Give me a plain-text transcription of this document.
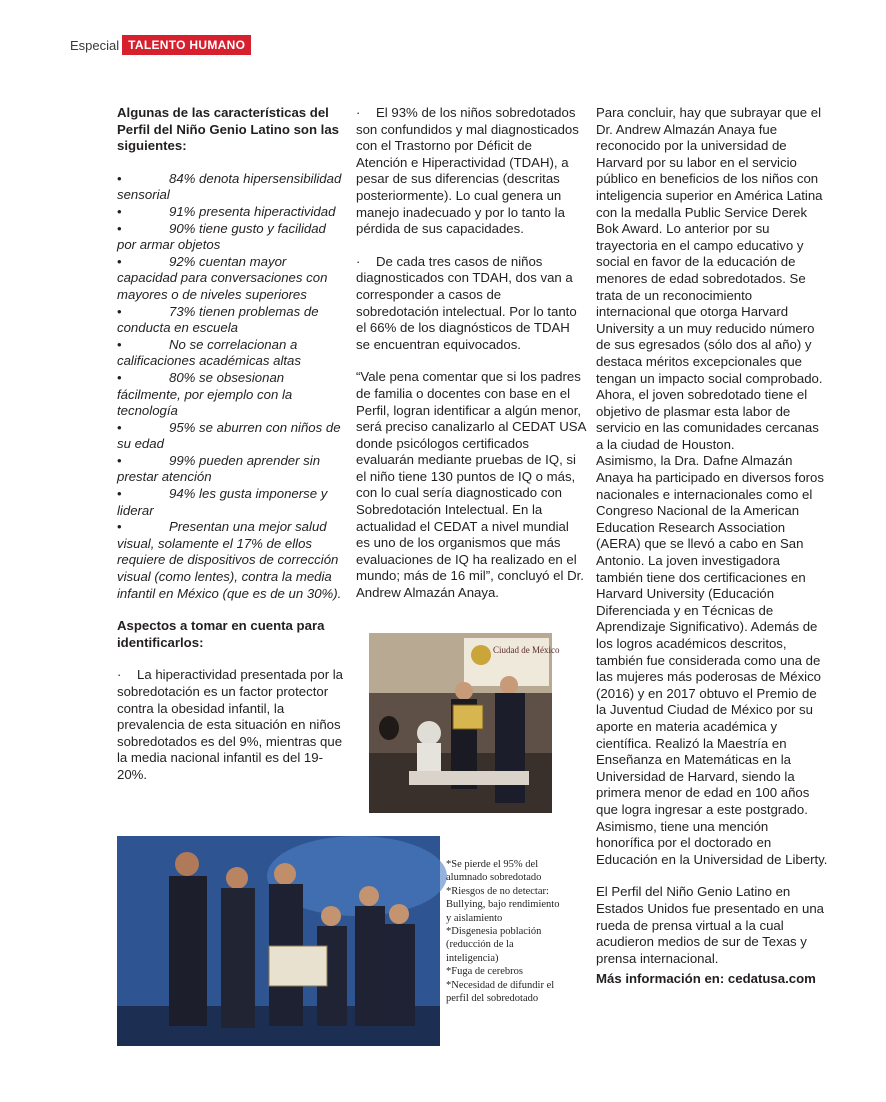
Especial TALENTO HUMANO

Algunas de las características del Perfil del Niño Genio Latino son las siguientes:

•	84% denota hipersensibilidad sensorial

•	91% presenta hiperactividad

•	90% tiene gusto y facilidad por armar objetos

•	92% cuentan mayor capacidad para conversaciones con mayores o de niveles superiores

•	73% tienen problemas de conducta en escuela

•	No se correlacionan a calificaciones académicas altas

•	80% se obsesionan fácilmente, por ejemplo con la tecnología

•	95% se aburren con niños de su edad

•	99% pueden aprender sin prestar atención

•	94% les gusta imponerse y liderar

•	Presentan una mejor salud visual, solamente el 17% de ellos requiere de dispositivos de corrección visual (como lentes), contra la media infantil en México (que es de un 30%).

Aspectos a tomar en cuenta para identificarlos:

· La hiperactividad presentada por la sobredotación es un factor protector contra la obesidad infantil, la prevalencia de esta situación en niños sobredotados es del 9%, mientras que la media nacional infantil es del 19-20%.

· El 93% de los niños sobredotados son confundidos y mal diagnosticados con el Trastorno por Déficit de Atención e Hiperactividad (TDAH), a pesar de sus diferencias (descritas posteriormente). Lo cual genera un manejo inadecuado y por lo tanto la pérdida de sus capacidades.

· De cada tres casos de niños diagnosticados con TDAH, dos van a corresponder a casos de sobredotación intelectual. Por lo tanto el 66% de los diagnósticos de TDAH se encuentran equivocados.

“Vale pena comentar que si los padres de familia o docentes con base en el Perfil, logran identificar a algún menor, será preciso canalizarlo al CEDAT USA donde psicólogos certificados evaluarán mediante pruebas de IQ, si el niño tiene 130 puntos de IQ o más, con lo cual sería diagnosticado con Sobredotación Intelectual. En la actualidad el CEDAT a nivel mundial es uno de los organismos que más evaluaciones de IQ ha realizado en el mundo; más de 16 mil”, concluyó el Dr. Andrew Almazán Anaya.

Ciudad de México

Para concluir, hay que subrayar que el Dr. Andrew Almazán Anaya fue reconocido por la universidad de Harvard por su labor en el servicio público en beneficios de los niños con inteligencia superior en América Latina con la medalla Public Service Derek Bok Award. Lo anterior por su trayectoria en el campo educativo y social en favor de la educación de menores de edad sobredotados. Se trata de un reconocimiento internacional que otorga Harvard University a un muy reducido número de sus egresados (sólo dos al año) y destaca méritos excepcionales que tengan un impacto social comprobado. Ahora, el joven sobredotado tiene el objetivo de plasmar esta labor de servicio en las comunidades cercanas a la ciudad de Houston.

Asimismo, la Dra. Dafne Almazán Anaya ha participado en diversos foros nacionales e internacionales como el Congreso Nacional de la American Education Research Association (AERA) que se llevó a cabo en San Antonio. La joven investigadora también tiene dos certificaciones en Harvard University (Educación Diferenciada y en Técnicas de Aprendizaje Significativo). Además de los logros académicos descritos, también fue considerada como una de las mujeres más poderosas de México (2016) y en 2017 obtuvo el Premio de la Juventud Ciudad de México por su aporte en materia académica y científica. Realizó la Maestría en Enseñanza en Matemáticas en la Universidad de Harvard, siendo la primera menor de edad en 100 años que logra ingresar a este postgrado. Asimismo, tiene una mención honorífica por el doctorado en Educación en la Universidad de Liberty.

El Perfil del Niño Genio Latino en Estados Unidos fue presentado en una rueda de prensa virtual a la cual acudieron medios de sur de Texas y prensa internacional.

Más información en: cedatusa.com

*Se pierde el 95% del alumnado sobredotado
*Riesgos de no detectar: Bullying, bajo rendimiento y aislamiento
*Disgenesia población (reducción de la inteligencia)
*Fuga de cerebros
*Necesidad de difundir el perfil del sobredotado
